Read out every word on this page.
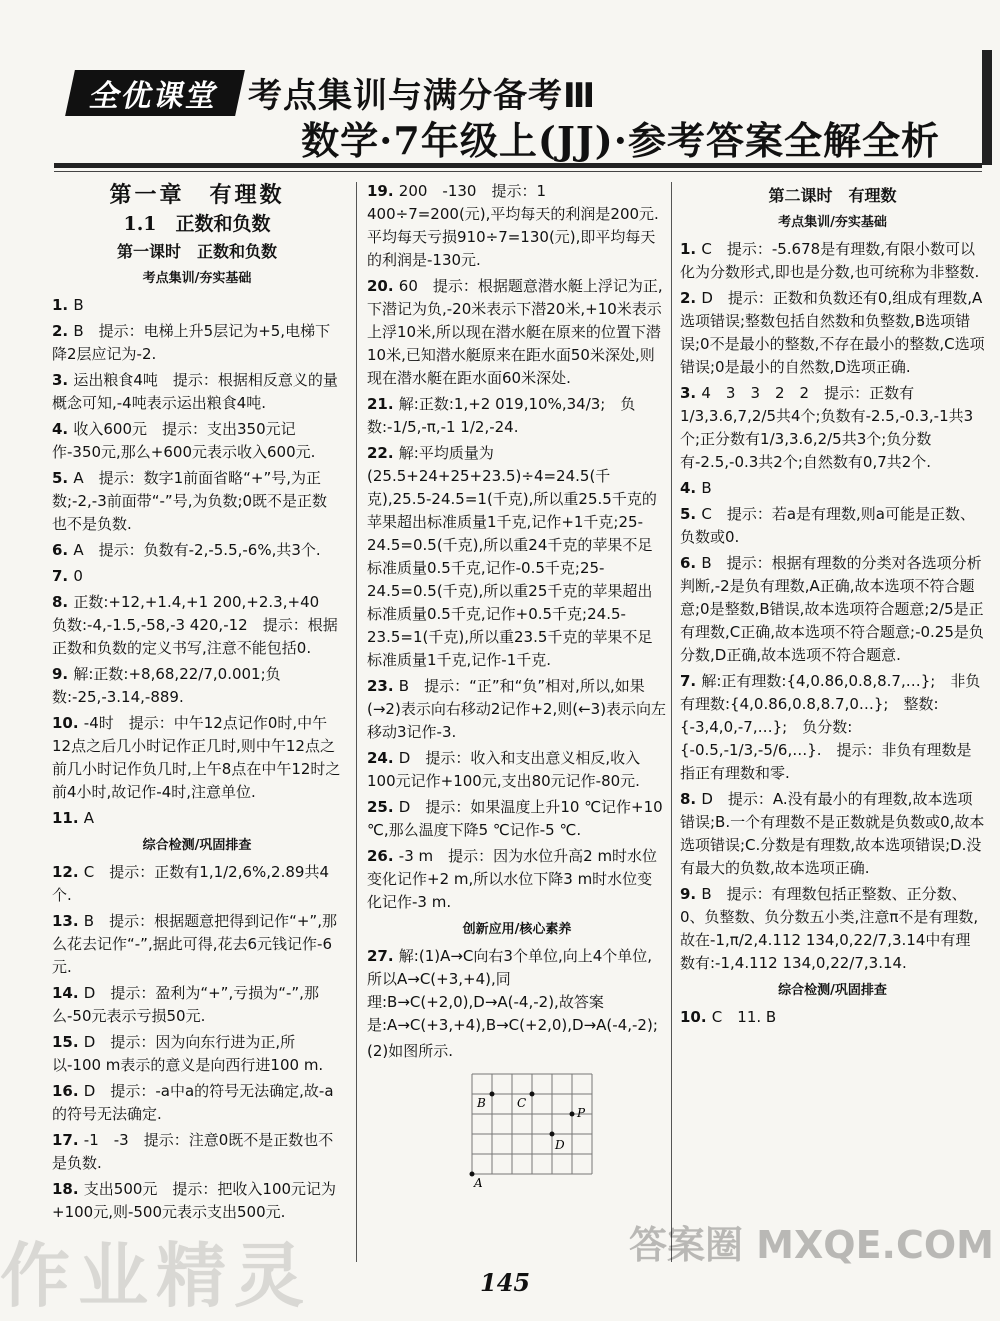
全优课堂 考点集训与满分备考Ⅲ
数学·7年级上(JJ)·参考答案全解全析
第一章　有理数
1.1　正数和负数
第一课时　正数和负数
考点集训/夯实基础
1. B
2. B　提示：电梯上升5层记为+5,电梯下降2层应记为-2.
3. 运出粮食4吨　提示：根据相反意义的量概念可知,-4吨表示运出粮食4吨.
4. 收入600元　提示：支出350元记作-350元,那么+600元表示收入600元.
5. A　提示：数字1前面省略“+”号,为正数;-2,-3前面带“-”号,为负数;0既不是正数也不是负数.
6. A　提示：负数有-2,-5.5,-6%,共3个.
7. 0
8. 正数:+12,+1.4,+1 200,+2.3,+40　负数:-4,-1.5,-58,-3 420,-12　提示：根据正数和负数的定义书写,注意不能包括0.
9. 解:正数:+8,68,22/7,0.001;负数:-25,-3.14,-889.
10. -4时　提示：中午12点记作0时,中午12点之后几小时记作正几时,则中午12点之前几小时记作负几时,上午8点在中午12时之前4小时,故记作-4时,注意单位.
11. A
综合检测/巩固排查
12. C　提示：正数有1,1/2,6%,2.89共4个.
13. B　提示：根据题意把得到记作“+”,那么花去记作“-”,据此可得,花去6元钱记作-6元.
14. D　提示：盈利为“+”,亏损为“-”,那么-50元表示亏损50元.
15. D　提示：因为向东行进为正,所以-100 m表示的意义是向西行进100 m.
16. D　提示：-a中a的符号无法确定,故-a的符号无法确定.
17. -1　-3　提示：注意0既不是正数也不是负数.
18. 支出500元　提示：把收入100元记为+100元,则-500元表示支出500元.
19. 200　-130　提示：1 400÷7=200(元),平均每天的利润是200元.平均每天亏损910÷7=130(元),即平均每天的利润是-130元.
20. 60　提示：根据题意潜水艇上浮记为正,下潜记为负,-20米表示下潜20米,+10米表示上浮10米,所以现在潜水艇在原来的位置下潜10米,已知潜水艇原来在距水面50米深处,则现在潜水艇在距水面60米深处.
21. 解:正数:1,+2 019,10%,34/3;　负数:-1/5,-π,-1 1/2,-24.
22. 解:平均质量为(25.5+24+25+23.5)÷4=24.5(千克),25.5-24.5=1(千克),所以重25.5千克的苹果超出标准质量1千克,记作+1千克;25-24.5=0.5(千克),所以重24千克的苹果不足标准质量0.5千克,记作-0.5千克;25-24.5=0.5(千克),所以重25千克的苹果超出标准质量0.5千克,记作+0.5千克;24.5-23.5=1(千克),所以重23.5千克的苹果不足标准质量1千克,记作-1千克.
23. B　提示：“正”和“负”相对,所以,如果(→2)表示向右移动2记作+2,则(←3)表示向左移动3记作-3.
24. D　提示：收入和支出意义相反,收入100元记作+100元,支出80元记作-80元.
25. D　提示：如果温度上升10 ℃记作+10 ℃,那么温度下降5 ℃记作-5 ℃.
26. -3 m　提示：因为水位升高2 m时水位变化记作+2 m,所以水位下降3 m时水位变化记作-3 m.
创新应用/核心素养
27. 解:(1)A→C向右3个单位,向上4个单位,所以A→C(+3,+4),同理:B→C(+2,0),D→A(-4,-2),故答案是:A→C(+3,+4),B→C(+2,0),D→A(-4,-2);
(2)如图所示.
B	C
P
D
A
第二课时　有理数
考点集训/夯实基础
1. C　提示：-5.678是有理数,有限小数可以化为分数形式,即也是分数,也可统称为非整数.
2. D　提示：正数和负数还有0,组成有理数,A选项错误;整数包括自然数和负整数,B选项错误;0不是最小的整数,不存在最小的整数,C选项错误;0是最小的自然数,D选项正确.
3. 4　3　3　2　2　提示：正数有1/3,3.6,7,2/5共4个;负数有-2.5,-0.3,-1共3个;正分数有1/3,3.6,2/5共3个;负分数有-2.5,-0.3共2个;自然数有0,7共2个.
4. B
5. C　提示：若a是有理数,则a可能是正数、负数或0.
6. B　提示：根据有理数的分类对各选项分析判断,-2是负有理数,A正确,故本选项不符合题意;0是整数,B错误,故本选项符合题意;2/5是正有理数,C正确,故本选项不符合题意;-0.25是负分数,D正确,故本选项不符合题意.
7. 解:正有理数:{4,0.86,0.8,8.7,…};　非负有理数:{4,0.86,0.8,8.7,0…};　整数:{-3,4,0,-7,…};　负分数:{-0.5,-1/3,-5/6,…}.　提示：非负有理数是指正有理数和零.
8. D　提示：A.没有最小的有理数,故本选项错误;B.一个有理数不是正数就是负数或0,故本选项错误;C.分数是有理数,故本选项错误;D.没有最大的负数,故本选项正确.
9. B　提示：有理数包括正整数、正分数、0、负整数、负分数五小类,注意π不是有理数,故在-1,π/2,4.112 134,0,22/7,3.14中有理数有:-1,4.112 134,0,22/7,3.14.
综合检测/巩固排查
10. C　11. B
145
作业精灵	答案圈 MXQE.COM
